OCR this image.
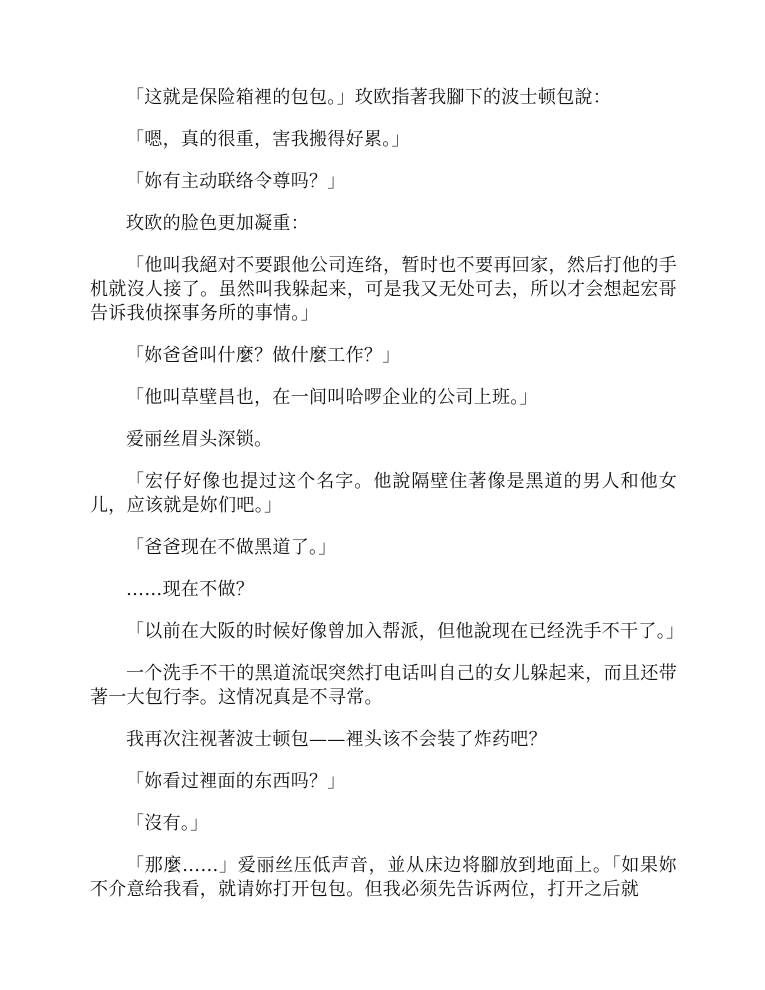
「这就是保险箱裡的包包。」玫欧指著我腳下的波士顿包說：

「嗯，真的很重，害我搬得好累。」

「妳有主动联络令尊吗？」

玫欧的脸色更加凝重：

「他叫我絕对不要跟他公司连络，暂时也不要再回家，然后打他的手机就沒人接了。虽然叫我躲起来，可是我又无处可去，所以才会想起宏哥告诉我侦探事务所的事情。」

「妳爸爸叫什麼？做什麼工作？」

「他叫草壁昌也，在一间叫哈啰企业的公司上班。」

爱丽丝眉头深锁。

「宏仔好像也提过这个名字。他說隔壁住著像是黑道的男人和他女儿，应该就是妳们吧。」

「爸爸现在不做黑道了。」

……现在不做？

「以前在大阪的时候好像曾加入帮派，但他說现在已经洗手不干了。」

一个洗手不干的黑道流氓突然打电话叫自己的女儿躲起来，而且还带著一大包行李。这情况真是不寻常。

我再次注视著波士顿包——裡头该不会装了炸药吧？

「妳看过裡面的东西吗？」

「沒有。」

「那麼……」爱丽丝压低声音，並从床边将腳放到地面上。「如果妳不介意给我看，就请妳打开包包。但我必须先告诉两位，打开之后就
